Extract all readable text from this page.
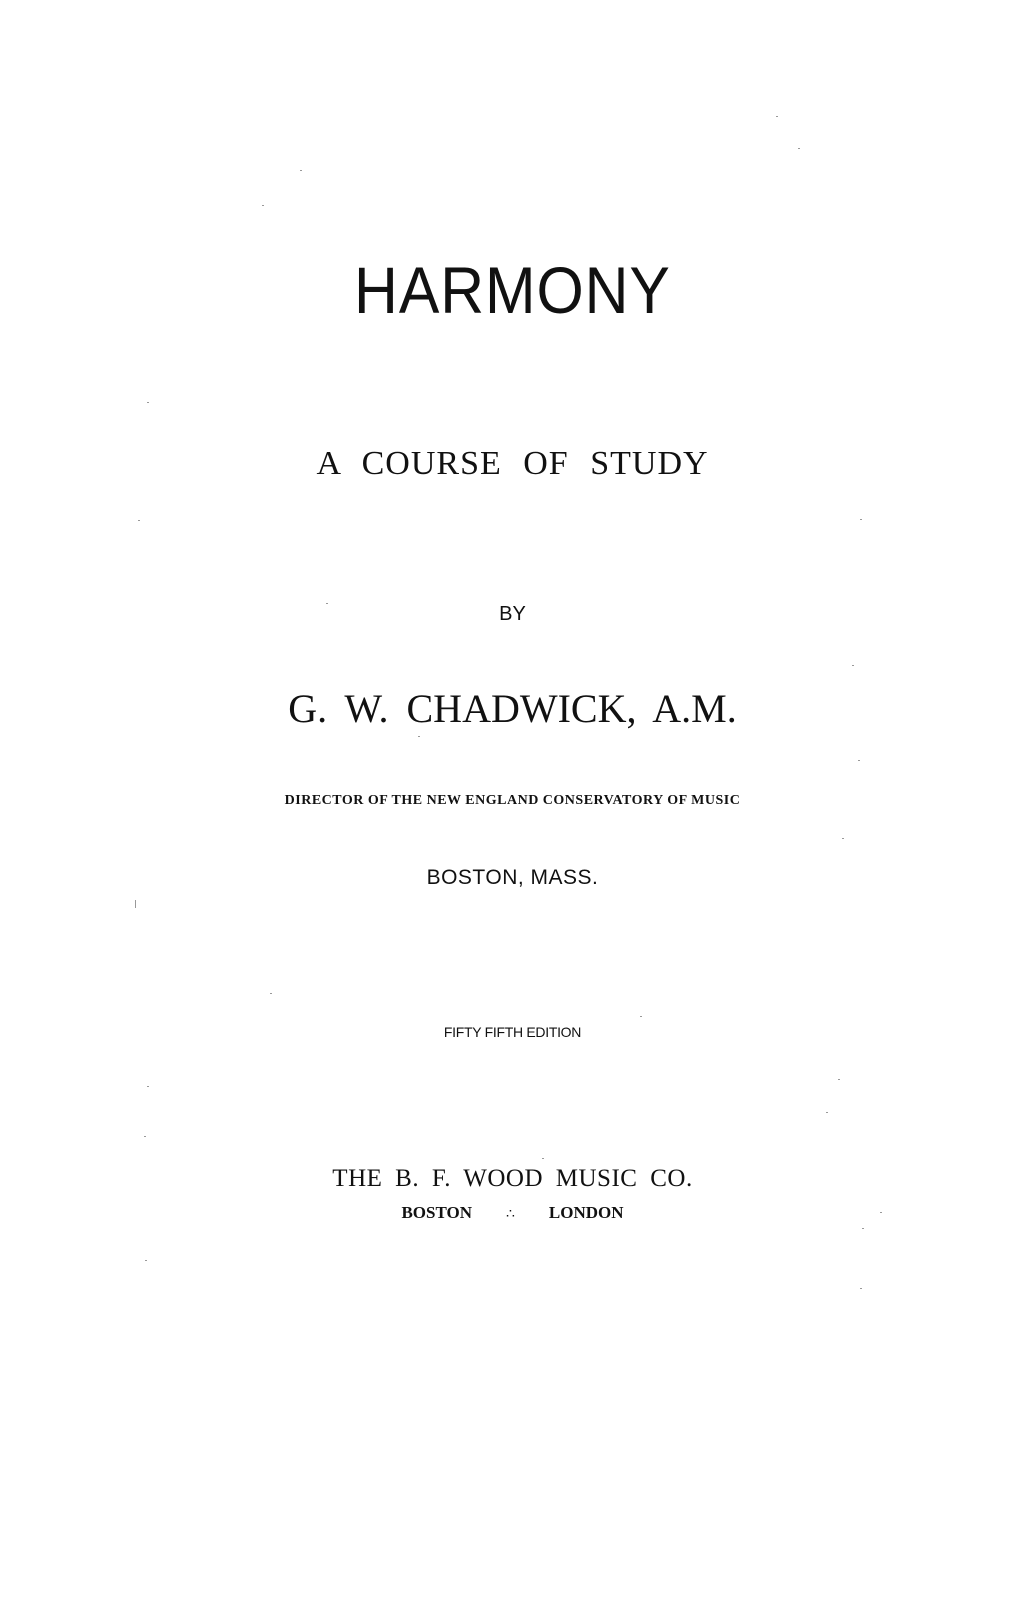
HARMONY
A COURSE OF STUDY
BY
G. W. CHADWICK, A.M.
DIRECTOR OF THE NEW ENGLAND CONSERVATORY OF MUSIC
BOSTON, MASS.
FIFTY FIFTH EDITION
THE B. F. WOOD MUSIC CO.
BOSTON ∴ LONDON
